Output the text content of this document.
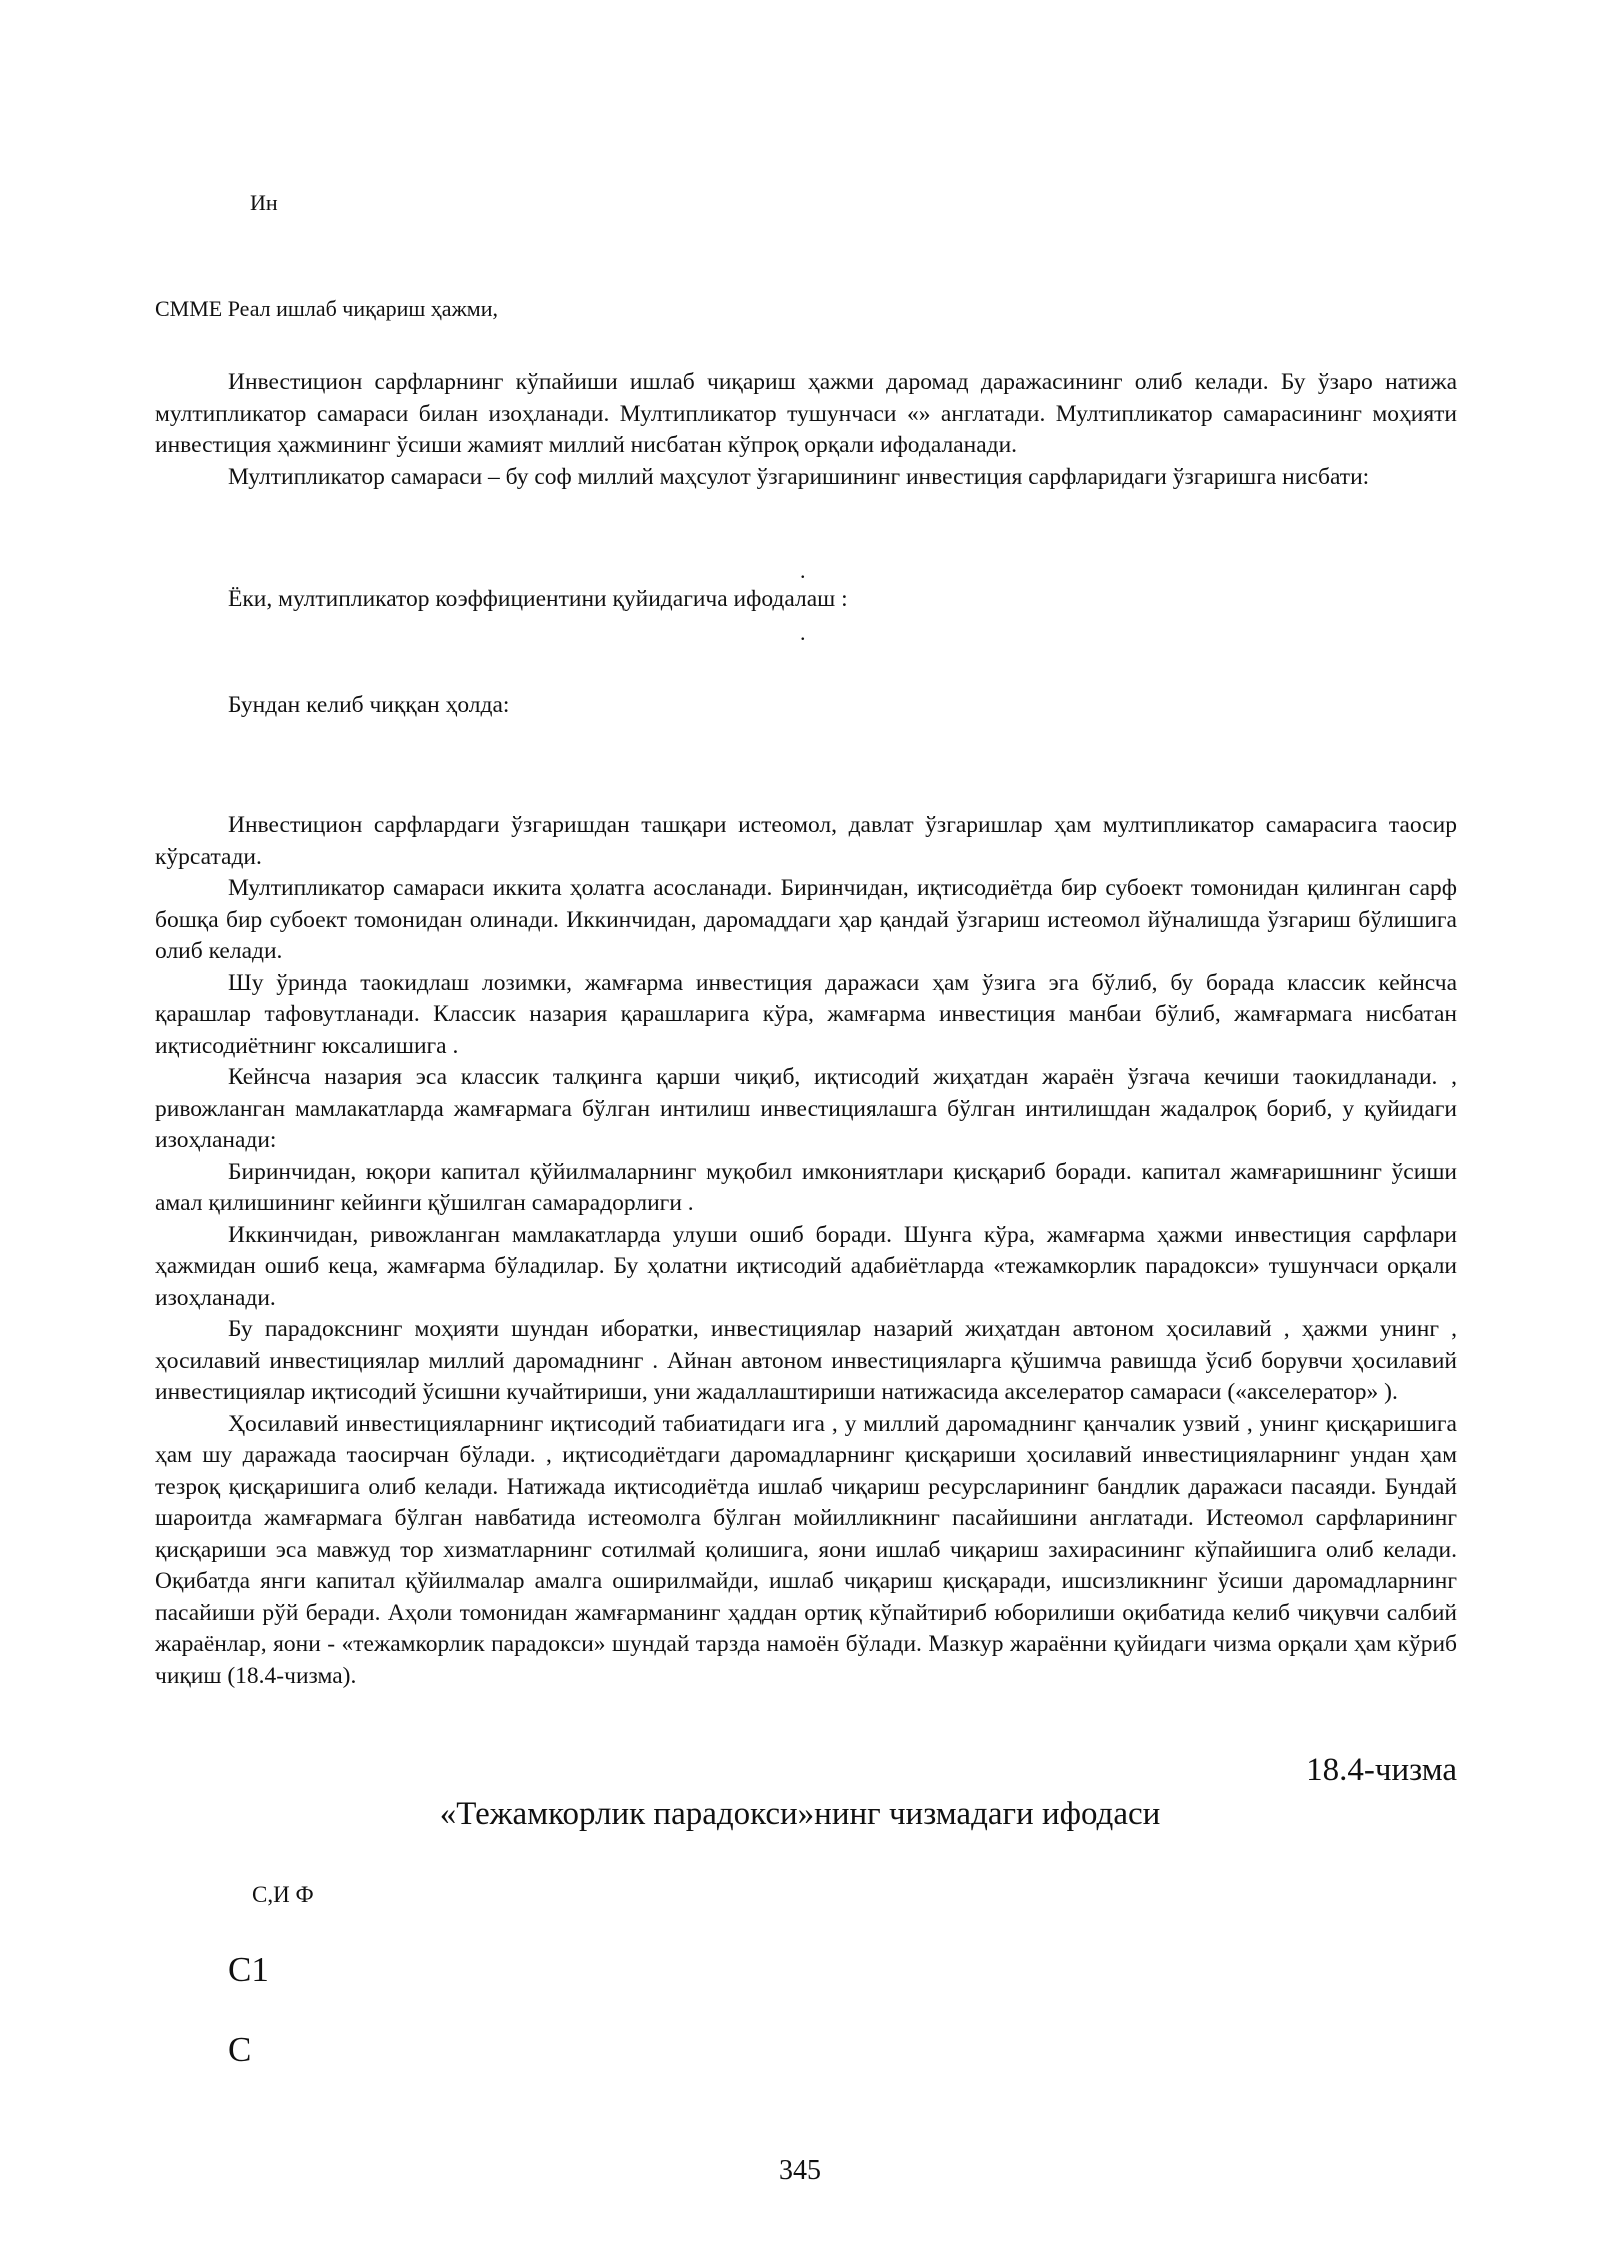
Ин
СММЕ Реал ишлаб чиқариш ҳажми,

Инвестицион сарфларнинг кўпайиши ишлаб чиқариш ҳажми даромад даражасининг олиб келади. Бу ўзаро натижа мултипликатор самараси билан изоҳланади. Мултипликатор тушунчаси «» англатади. Мултипликатор самарасининг моҳияти инвестиция ҳажмининг ўсиши жамият миллий нисбатан кўпроқ орқали ифодаланади.

Мултипликатор самараси – бу соф миллий маҳсулот ўзгаришининг инвестиция сарфларидаги ўзгаришга нисбати:

.
Ёки, мултипликатор коэффициентини қуйидагича ифодалаш :
.
Бундан келиб чиққан ҳолда:

Инвестицион сарфлардаги ўзгаришдан ташқари истеомол, давлат ўзгаришлар ҳам мултипликатор самарасига таосир кўрсатади.

Мултипликатор самараси иккита ҳолатга асосланади. Биринчидан, иқтисодиётда бир субоект томонидан қилинган сарф бошқа бир субоект томонидан олинади. Иккинчидан, даромаддаги ҳар қандай ўзгариш истеомол йўналишда ўзгариш бўлишига олиб келади.

Шу ўринда таокидлаш лозимки, жамғарма инвестиция даражаси ҳам ўзига эга бўлиб, бу борада классик кейнсча қарашлар тафовутланади. Классик назария қарашларига кўра, жамғарма инвестиция манбаи бўлиб, жамғармага нисбатан иқтисодиётнинг юксалишига .

Кейнсча назария эса классик талқинга қарши чиқиб, иқтисодий жиҳатдан жараён ўзгача кечиши таокидланади. , ривожланган мамлакатларда жамғармага бўлган интилиш инвестициялашга бўлган интилишдан жадалроқ бориб, у қуйидаги изоҳланади:

Биринчидан, юқори капитал қўйилмаларнинг муқобил имкониятлари қисқариб боради. капитал жамғаришнинг ўсиши амал қилишининг кейинги қўшилган самарадорлиги .

Иккинчидан, ривожланган мамлакатларда улуши ошиб боради. Шунга кўра, жамғарма ҳажми инвестиция сарфлари ҳажмидан ошиб кеца, жамғарма бўладилар. Бу ҳолатни иқтисодий адабиётларда «тежамкорлик парадокси» тушунчаси орқали изоҳланади.

Бу парадокснинг моҳияти шундан иборатки, инвестициялар назарий жиҳатдан автоном ҳосилавий , ҳажми унинг , ҳосилавий инвестициялар миллий даромаднинг . Айнан автоном инвестицияларга қўшимча равишда ўсиб борувчи ҳосилавий инвестициялар иқтисодий ўсишни кучайтириши, уни жадаллаштириши натижасида акселератор самараси («акселератор» ).

Ҳосилавий инвестицияларнинг иқтисодий табиатидаги ига , у миллий даромаднинг қанчалик узвий , унинг қисқаришига ҳам шу даражада таосирчан бўлади. , иқтисодиётдаги даромадларнинг қисқариши ҳосилавий инвестицияларнинг ундан ҳам тезроқ қисқаришига олиб келади. Натижада иқтисодиётда ишлаб чиқариш ресурсларининг бандлик даражаси пасаяди. Бундай шароитда жамғармага бўлган навбатида истеомолга бўлган мойилликнинг пасайишини англатади. Истеомол сарфларининг қисқариши эса мавжуд тор хизматларнинг сотилмай қолишига, яони ишлаб чиқариш захирасининг кўпайишига олиб келади. Оқибатда янги капитал қўйилмалар амалга оширилмайди, ишлаб чиқариш қисқаради, ишсизликнинг ўсиши даромадларнинг пасайиши рўй беради. Аҳоли томонидан жамғарманинг ҳаддан ортиқ кўпайтириб юборилиши оқибатида келиб чиқувчи салбий жараёнлар, яони - «тежамкорлик парадокси» шундай тарзда намоён бўлади. Мазкур жараённи қуйидаги чизма орқали ҳам кўриб чиқиш (18.4-чизма).

18.4-чизма
«Тежамкорлик парадокси»нинг чизмадаги ифодаси
С,И Ф
С1
С
345
